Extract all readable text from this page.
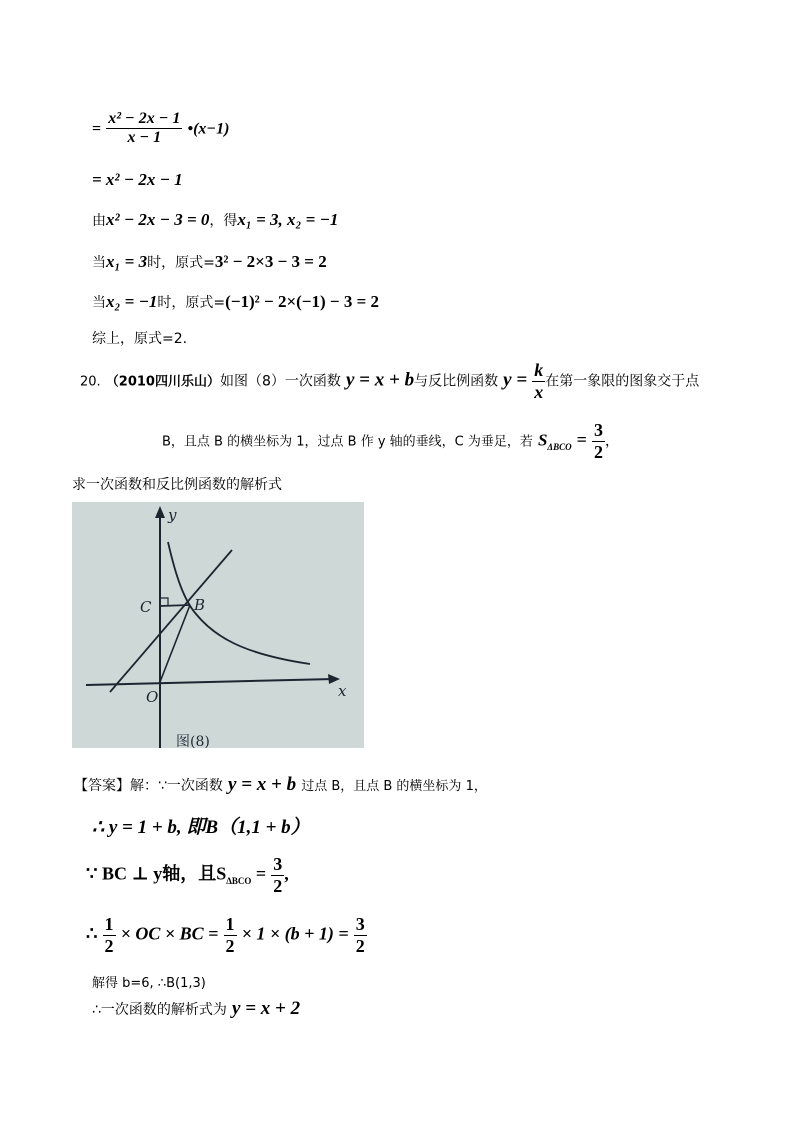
= $\frac{\text{x² − 2x − 1}}{x - 1}$ •(x−1)
= x² − 2x − 1
由x² − 2x − 3 = 0，得x₁ = 3, x₂ = −1
当x₁ = 3时，原式=3² − 2×3 − 3 = 2
当x₂ = −1时，原式=(−1)² − 2×(−1) − 3 = 2
综上，原式=2.
20. （2010四川乐山）如图（8）一次函数 y = x + b与反比例函数 $y = \frac{k}{x}$ 在第一象限的图象交于点
B，且点 B 的横坐标为 1，过点 B 作 y 轴的垂线，C 为垂足，若 $S_{\Delta BCO} = \frac{3}{2}$ ，
求一次函数和反比例函数的解析式
y
x
O
B
C
图(8)
【答案】解：∵一次函数 y = x + b 过点 B，且点 B 的横坐标为 1，
∴ y = 1 + b, 即B（1,1 + b）
∵ BC ⊥ y轴，且$S_{\Delta BCO} = \frac{3}{2}$ ,
∴ $\frac{1}{2}$ × OC × BC = $\frac{1}{2} \times 1 \times (b + 1) = \frac{3}{2}$
解得 b=6, ∴B(1,3)
∴一次函数的解析式为 y = x + 2
